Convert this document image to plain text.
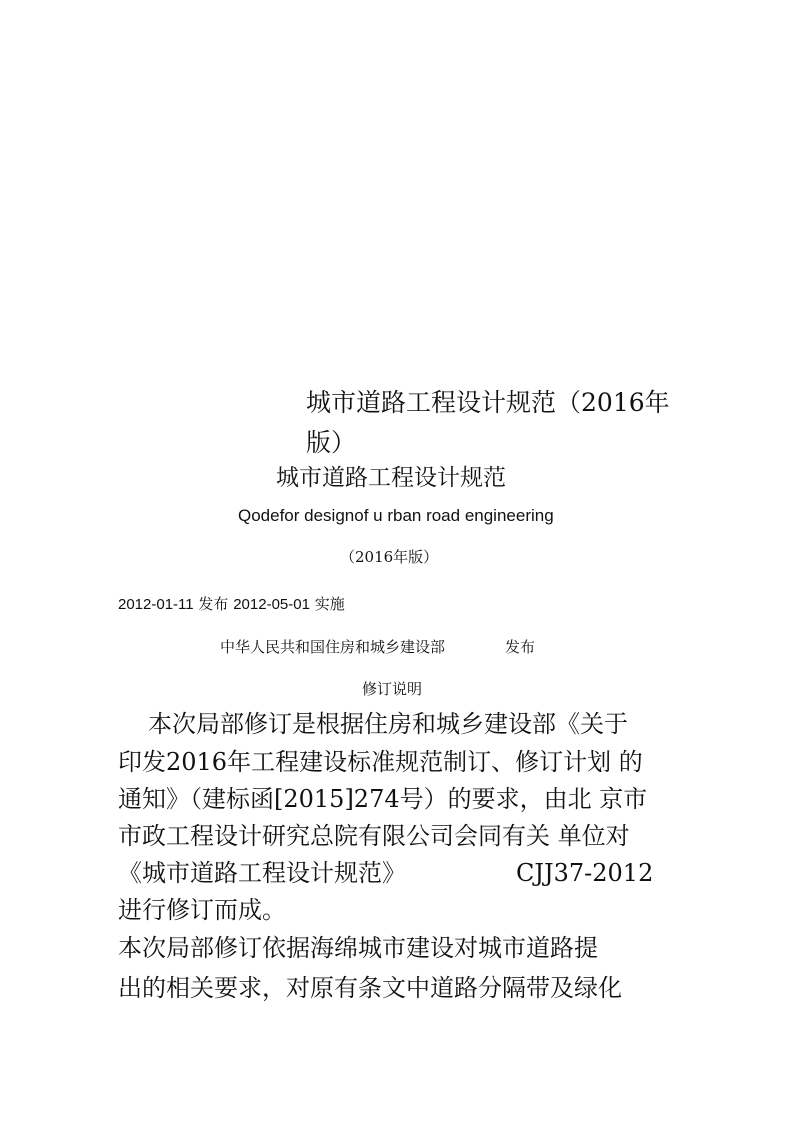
城市道路工程设计规范（2016年
版）
城市道路工程设计规范
Qodefor designof u rban road engineering
（2016年版）
2012-01-11 发布 2012-05-01 实施
中华人民共和国住房和城乡建设部	发布
修订说明
本次局部修订是根据住房和城乡建设部《关于
印发2016年工程建设标准规范制订、修订计划 的
通知》（建标函[2015]274号）的要求，由北 京市
市政工程设计研究总院有限公司会同有关 单位对
《城市道路工程设计规范》	CJJ37-2012
进行修订而成。
本次局部修订依据海绵城市建设对城市道路提
出的相关要求，对原有条文中道路分隔带及绿化
